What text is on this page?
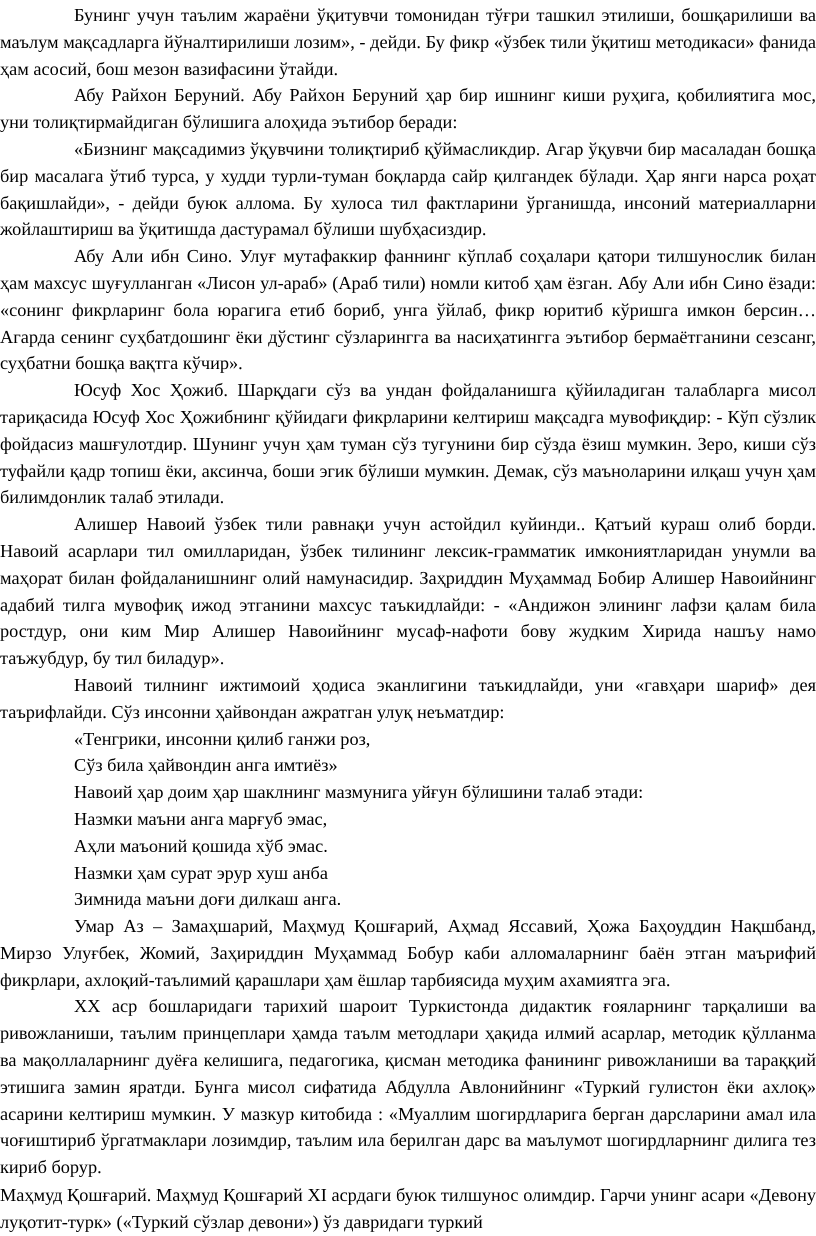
Бунинг учун таълим жараёни ўқитувчи томонидан тўғри ташкил этилиши, бошқарилиши ва маълум мақсадларга йўналтирилиши лозим», - дейди. Бу фикр «ўзбек тили ўқитиш методикаси» фанида ҳам асосий, бош мезон вазифасини ўтайди.

Абу Райхон Беруний. Абу Райхон Беруний ҳар бир ишнинг киши руҳига, қобилиятига мос, уни толиқтирмайдиган бўлишига алоҳида эътибор беради:

«Бизнинг мақсадимиз ўқувчини толиқтириб қўймасликдир. Агар ўқувчи бир масаладан бошқа бир масалага ўтиб турса, у худди турли-туман боқларда сайр қилгандек бўлади. Ҳар янги нарса роҳат бақишлайди», - дейди буюк аллома. Бу хулоса тил фактларини ўрганишда, инсоний материалларни жойлаштириш ва ўқитишда дастурамал бўлиши шубҳасиздир.

Абу Али ибн Сино. Улуғ мутафаккир фаннинг кўплаб соҳалари қатори тилшунослик билан ҳам махсус шуғулланган «Лисон ул-араб» (Араб тили) номли китоб ҳам ёзган. Абу Али ибн Сино ёзади: «сонинг фикрларинг бола юрагига етиб бориб, унга ўйлаб, фикр юритиб кўришга имкон берсин… Агарда сенинг суҳбатдошинг ёки дўстинг сўзларингга ва насиҳатингга эътибор бермаётганини сезсанг, суҳбатни бошқа вақтга кўчир».

Юсуф Хос Ҳожиб. Шарқдаги сўз ва ундан фойдаланишга қўйиладиган талабларга мисол тариқасида Юсуф Хос Ҳожибнинг қўйидаги фикрларини келтириш мақсадга мувофиқдир: - Кўп сўзлик фойдасиз машғулотдир. Шунинг учун ҳам туман сўз тугунини бир сўзда ёзиш мумкин. Зеро, киши сўз туфайли қадр топиш ёки, аксинча, боши эгик бўлиши мумкин. Демак, сўз маъноларини илқаш учун ҳам билимдонлик талаб этилади.

Алишер Навоий ўзбек тили равнақи учун астойдил куйинди.. Қатъий кураш олиб борди. Навоий асарлари тил омилларидан, ўзбек тилининг лексик-грамматик имкониятларидан унумли ва маҳорат билан фойдаланишнинг олий намунасидир. Заҳриддин Муҳаммад Бобир Алишер Навоийнинг адабий тилга мувофиқ ижод этганини махсус таъкидлайди: - «Андижон элининг лафзи қалам била ростдур, они ким Мир Алишер Навоийнинг мусаф-нафоти бову жудким Хирида нашъу намо таъжубдур, бу тил биладур».

Навоий тилнинг ижтимоий ҳодиса эканлигини таъкидлайди, уни «гавҳари шариф» дея таърифлайди. Сўз инсонни ҳайвондан ажратган улуқ неъматдир:

«Тенгрики, инсонни қилиб ганжи роз,

Сўз била ҳайвондин анга имтиёз»

Навоий ҳар доим ҳар шаклнинг мазмунига уйғун бўлишини талаб этади:

Назмки маъни анга марғуб эмас,

Аҳли маъоний қошида хўб эмас.

Назмки ҳам сурат эрур хуш анба

Зимнида маъни доғи дилкаш анга.

Умар Аз – Замаҳшарий, Маҳмуд Қошғарий, Аҳмад Яссавий, Ҳожа Баҳоуддин Нақшбанд, Мирзо Улуғбек, Жомий, Заҳириддин Муҳаммад Бобур каби алломаларнинг баён этган маърифий фикрлари, ахлоқий-таълимий қарашлари ҳам ёшлар тарбиясида муҳим ахамиятга эга.

XX аср бошларидаги тарихий шароит Туркистонда дидактик ғояларнинг тарқалиши ва ривожланиши, таълим принцеплари ҳамда таълм методлари ҳақида илмий асарлар, методик қўлланма ва мақоллаларнинг дуёға келишига, педагогика, қисман методика фанининг ривожланиши ва тараққий этишига замин яратди. Бунга мисол сифатида Абдулла Авлонийнинг «Туркий гулистон ёки ахлоқ» асарини келтириш мумкин. У мазкур китобида : «Муаллим шогирдларига берган дарсларини амал ила чоғиштириб ўргатмаклари лозимдир, таълим ила берилган дарс ва маълумот шогирдларнинг дилига тез кириб борур.

Маҳмуд Қошғарий. Маҳмуд Қошғарий XI асрдаги буюк тилшунос олимдир. Гарчи унинг асари «Девону луқотит-турк» («Туркий сўзлар девони») ўз давридаги туркий
